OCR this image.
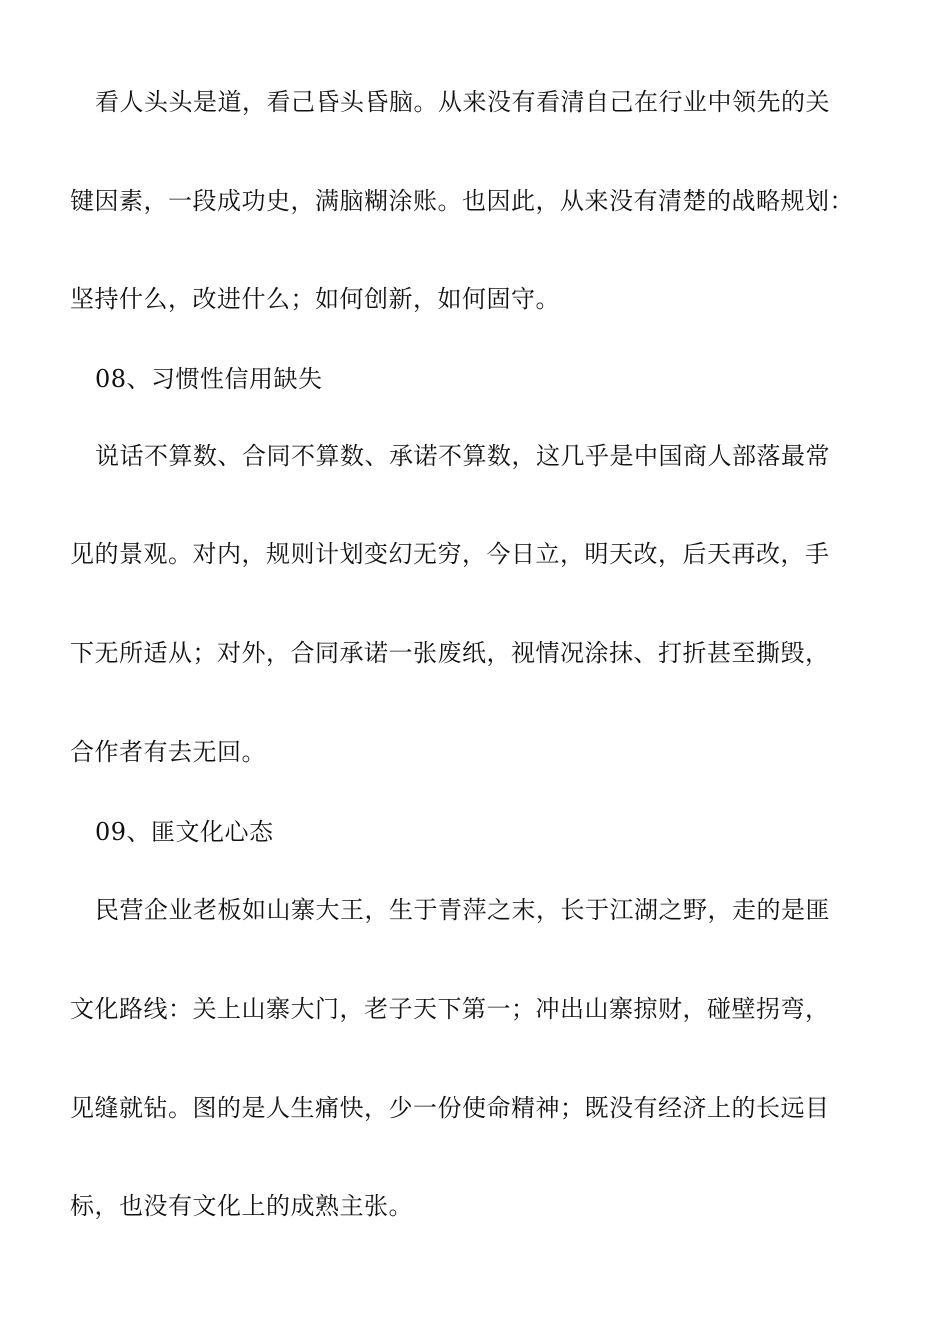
看人头头是道，看己昏头昏脑。从来没有看清自己在行业中领先的关
键因素，一段成功史，满脑糊涂账。也因此，从来没有清楚的战略规划：
坚持什么，改进什么；如何创新，如何固守。
08、习惯性信用缺失
说话不算数、合同不算数、承诺不算数，这几乎是中国商人部落最常
见的景观。对内，规则计划变幻无穷，今日立，明天改，后天再改，手
下无所适从；对外，合同承诺一张废纸，视情况涂抹、打折甚至撕毁，
合作者有去无回。
09、匪文化心态
民营企业老板如山寨大王，生于青萍之末，长于江湖之野，走的是匪
文化路线：关上山寨大门，老子天下第一；冲出山寨掠财，碰壁拐弯，
见缝就钻。图的是人生痛快，少一份使命精神；既没有经济上的长远目
标，也没有文化上的成熟主张。
